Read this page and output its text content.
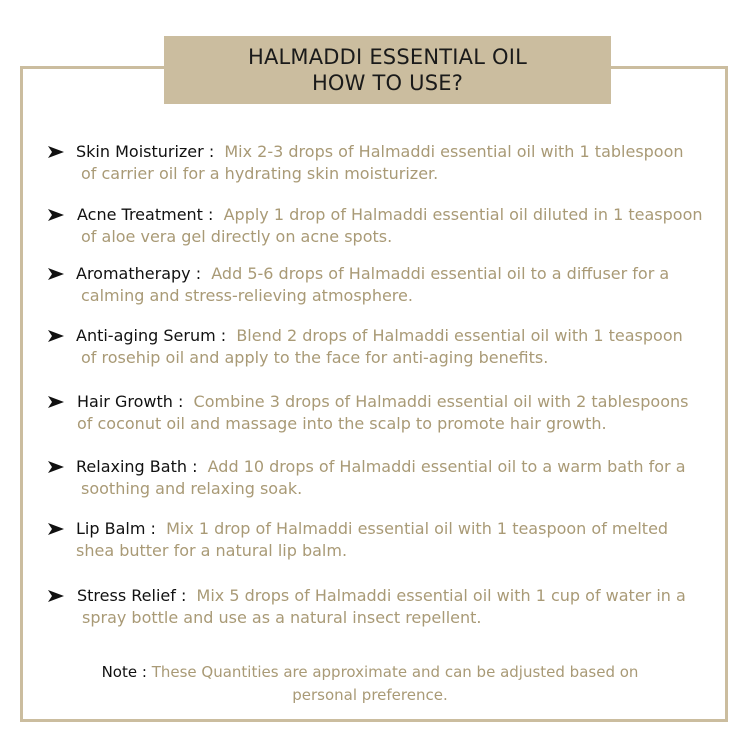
HALMADDI ESSENTIAL OIL
HOW TO USE?
Skin Moisturizer : Mix 2-3 drops of Halmaddi essential oil with 1 tablespoon
of carrier oil for a hydrating skin moisturizer.
Acne Treatment : Apply 1 drop of Halmaddi essential oil diluted in 1 teaspoon
of aloe vera gel directly on acne spots.
Aromatherapy : Add 5-6 drops of Halmaddi essential oil to a diffuser for a
calming and stress-relieving atmosphere.
Anti-aging Serum : Blend 2 drops of Halmaddi essential oil with 1 teaspoon
of rosehip oil and apply to the face for anti-aging benefits.
Hair Growth : Combine 3 drops of Halmaddi essential oil with 2 tablespoons
of coconut oil and massage into the scalp to promote hair growth.
Relaxing Bath : Add 10 drops of Halmaddi essential oil to a warm bath for a
soothing and relaxing soak.
Lip Balm : Mix 1 drop of Halmaddi essential oil with 1 teaspoon of melted
shea butter for a natural lip balm.
Stress Relief : Mix 5 drops of Halmaddi essential oil with 1 cup of water in a
spray bottle and use as a natural insect repellent.
Note : These Quantities are approximate and can be adjusted based on
personal preference.
